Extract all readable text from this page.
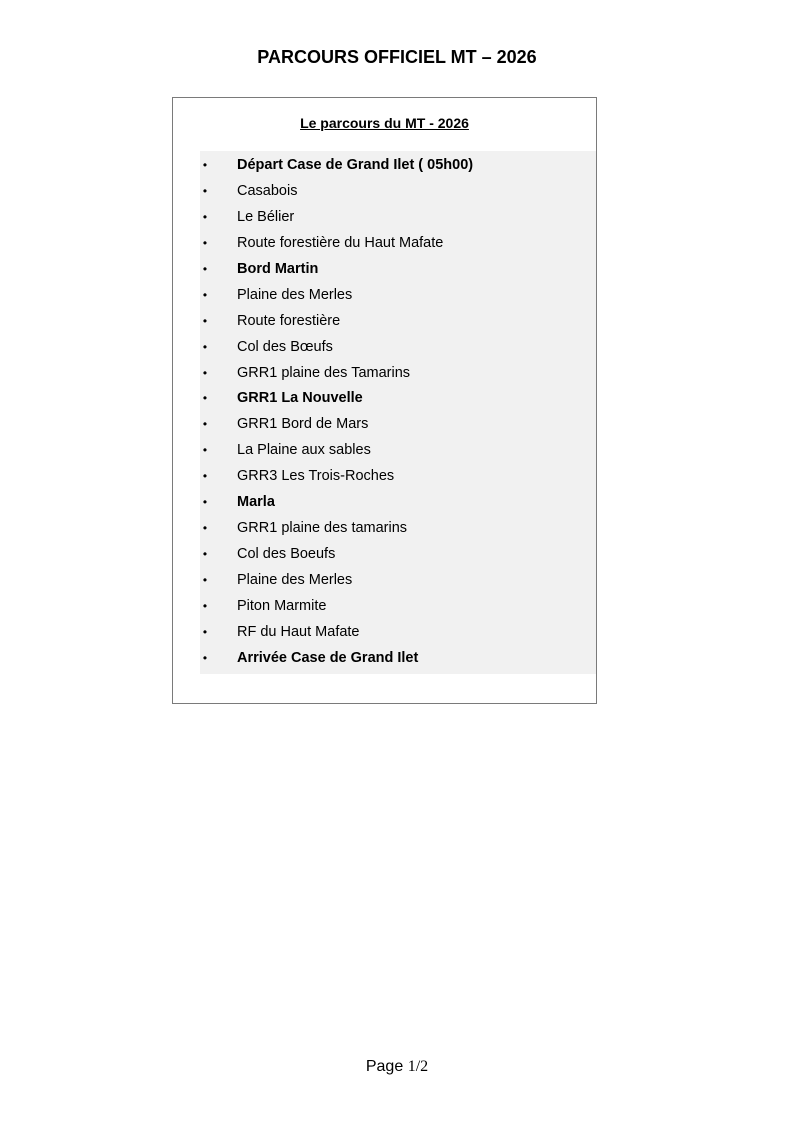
PARCOURS OFFICIEL MT – 2026
Le parcours du MT - 2026
• Départ Case de Grand Ilet ( 05h00)
• Casabois
• Le Bélier
• Route forestière du Haut Mafate
• Bord Martin
• Plaine des Merles
• Route forestière
• Col des Bœufs
• GRR1 plaine des Tamarins
• GRR1 La Nouvelle
• GRR1 Bord de Mars
• La Plaine aux sables
• GRR3 Les Trois-Roches
• Marla
• GRR1 plaine des tamarins
• Col des Boeufs
• Plaine des Merles
• Piton Marmite
• RF du Haut Mafate
• Arrivée Case de Grand Ilet
Page 1/2
